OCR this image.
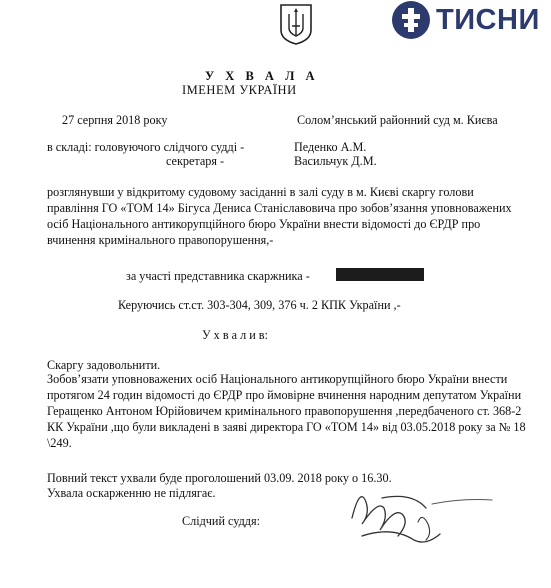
ТИСНИ
У Х В А Л А
ІМЕНЕМ УКРАЇНИ
27 серпня 2018 року	Солом’янський районний суд м. Києва
в складі: головуючого слідчого судді -	Педенко А.М.
секретаря -	Васильчук Д.М.
розглянувши у відкритому судовому засіданні в залі суду в м. Києві скаргу голови
правління ГО «ТОМ 14» Бігуса Дениса Станіславовича про зобов’язання уповноважених
осіб Національного антикорупційного бюро України внести відомості до ЄРДР про
вчинення кримінального правопорушення,-
за участі представника скаржника -
Керуючись ст.ст. 303-304, 309, 376 ч. 2 КПК України ,-
У х в а л и в:
Скаргу задовольнити.
Зобов’язати уповноважених осіб Національного антикорупційного бюро України внести
протягом 24 годин відомості до ЄРДР про ймовірне вчинення народним депутатом України
Геращенко Антоном Юрійовичем кримінального правопорушення ,передбаченого ст. 368-2
КК України ,що були викладені в заяві директора ГО «ТОМ 14» від 03.05.2018 року за № 18
\249.
Повний текст ухвали буде проголошений 03.09. 2018 року о 16.30.
Ухвала оскарженню не підлягає.
Слідчий суддя:
